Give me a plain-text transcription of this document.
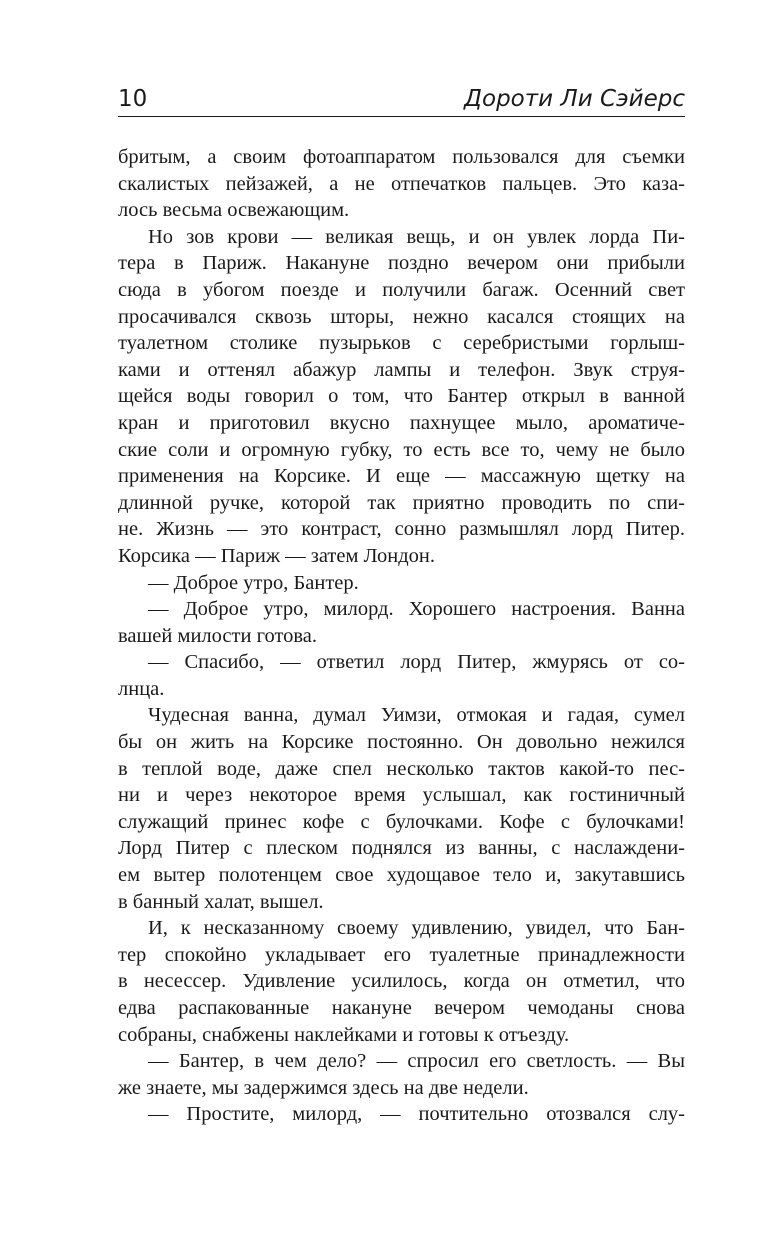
10	Дороти Ли Сэйерс
бритым, а своим фотоаппаратом пользовался для съемки
скалистых пейзажей, а не отпечатков пальцев. Это каза-
лось весьма освежающим.
Но зов крови — великая вещь, и он увлек лорда Пи-
тера в Париж. Накануне поздно вечером они прибыли
сюда в убогом поезде и получили багаж. Осенний свет
просачивался сквозь шторы, нежно касался стоящих на
туалетном столике пузырьков с серебристыми горлыш-
ками и оттенял абажур лампы и телефон. Звук струя-
щейся воды говорил о том, что Бантер открыл в ванной
кран и приготовил вкусно пахнущее мыло, ароматиче-
ские соли и огромную губку, то есть все то, чему не было
применения на Корсике. И еще — массажную щетку на
длинной ручке, которой так приятно проводить по спи-
не. Жизнь — это контраст, сонно размышлял лорд Питер.
Корсика — Париж — затем Лондон.
— Доброе утро, Бантер.
— Доброе утро, милорд. Хорошего настроения. Ванна
вашей милости готова.
— Спасибо, — ответил лорд Питер, жмурясь от со-
лнца.
Чудесная ванна, думал Уимзи, отмокая и гадая, сумел
бы он жить на Корсике постоянно. Он довольно нежился
в теплой воде, даже спел несколько тактов какой-то пес-
ни и через некоторое время услышал, как гостиничный
служащий принес кофе с булочками. Кофе с булочками!
Лорд Питер с плеском поднялся из ванны, с наслаждени-
ем вытер полотенцем свое худощавое тело и, закутавшись
в банный халат, вышел.
И, к несказанному своему удивлению, увидел, что Бан-
тер спокойно укладывает его туалетные принадлежности
в несессер. Удивление усилилось, когда он отметил, что
едва распакованные накануне вечером чемоданы снова
собраны, снабжены наклейками и готовы к отъезду.
— Бантер, в чем дело? — спросил его светлость. — Вы
же знаете, мы задержимся здесь на две недели.
— Простите, милорд, — почтительно отозвался слу-
